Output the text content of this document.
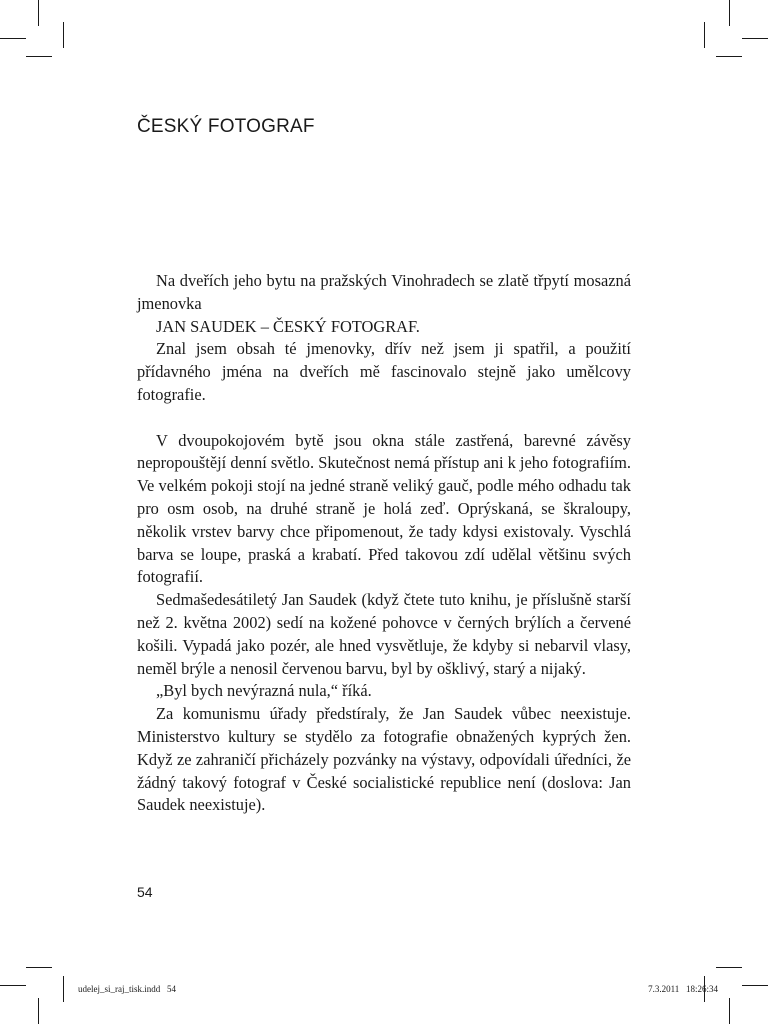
ČESKÝ FOTOGRAF

Na dveřích jeho bytu na pražských Vinohradech se zlatě třpytí mosazná jmenovka

JAN SAUDEK – ČESKÝ FOTOGRAF.

Znal jsem obsah té jmenovky, dřív než jsem ji spatřil, a použití přídavného jména na dveřích mě fascinovalo stejně jako umělcovy fotografie.

V dvoupokojovém bytě jsou okna stále zastřená, barevné závěsy nepropouštějí denní světlo. Skutečnost nemá přístup ani k jeho fotografiím. Ve velkém pokoji stojí na jedné straně veliký gauč, podle mého odhadu tak pro osm osob, na druhé straně je holá zeď. Oprýskaná, se škraloupy, několik vrstev barvy chce připomenout, že tady kdysi existovaly. Vyschlá barva se loupe, praská a krabatí. Před takovou zdí udělal většinu svých fotografií.

Sedmašedesátiletý Jan Saudek (když čtete tuto knihu, je příslušně starší než 2. května 2002) sedí na kožené pohovce v černých brýlích a červené košili. Vypadá jako pozér, ale hned vysvětluje, že kdyby si nebarvil vlasy, neměl brýle a nenosil červenou barvu, byl by ošklivý, starý a nijaký.

„Byl bych nevýrazná nula,“ říká.

Za komunismu úřady předstíraly, že Jan Saudek vůbec neexistuje. Ministerstvo kultury se stydělo za fotografie obnažených kyprých žen. Když ze zahraničí přicházely pozvánky na výstavy, odpovídali úředníci, že žádný takový fotograf v České socialistické republice není (doslova: Jan Saudek neexistuje).

54
udelej_si_raj_tisk.indd   54	7.3.2011   18:26:34
